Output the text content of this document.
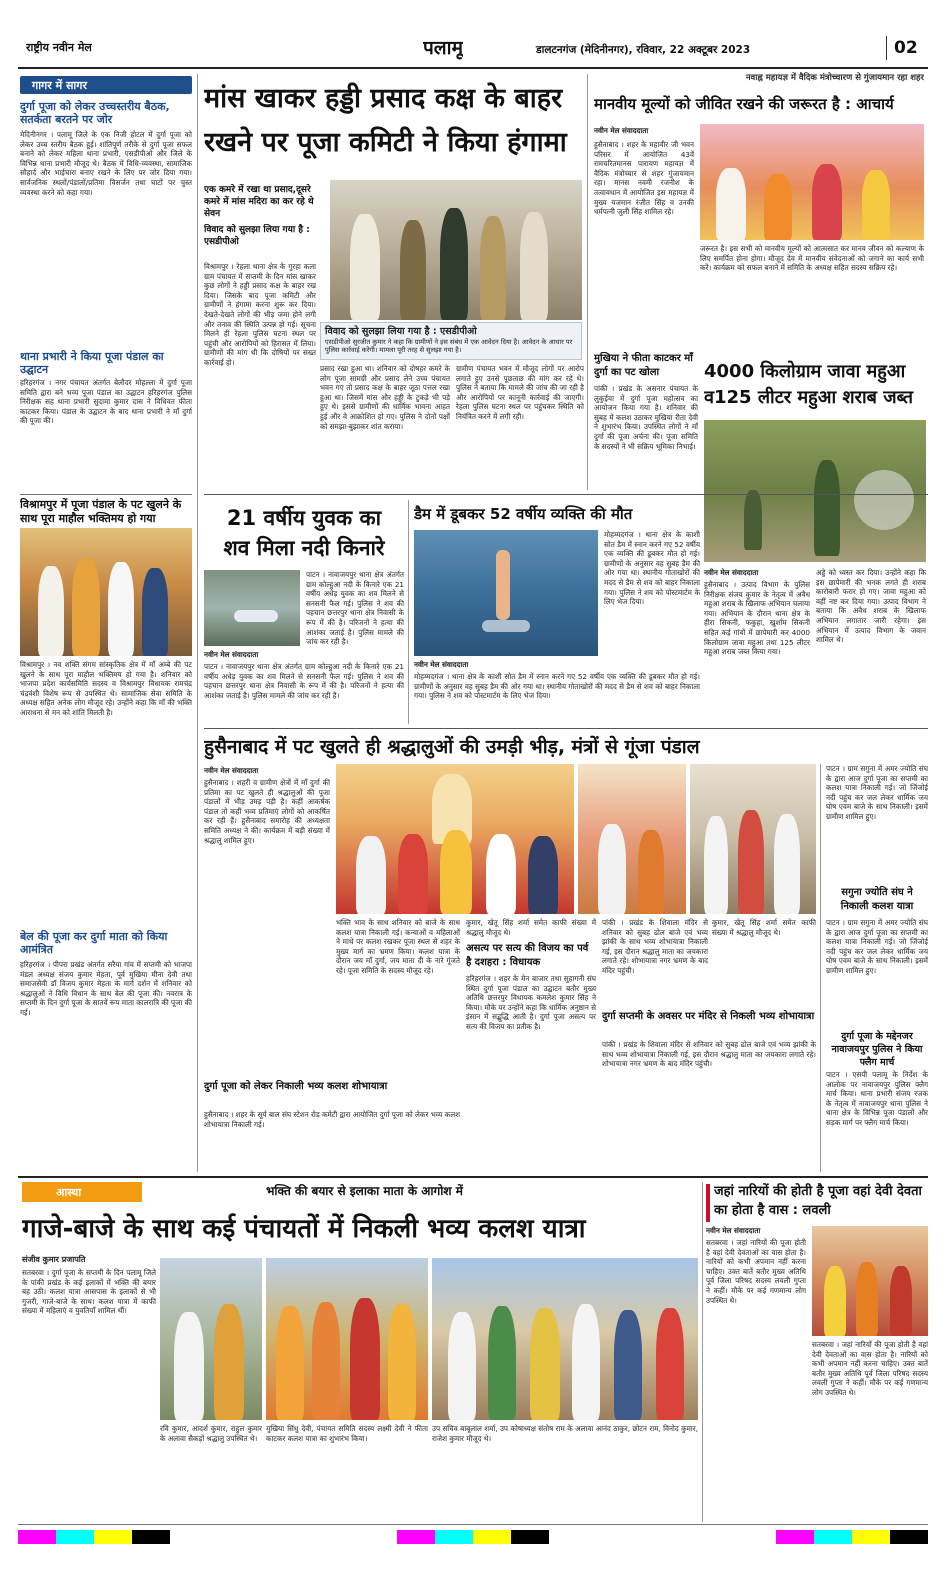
राष्ट्रीय नवीन मेल	पलामू	डालटनगंज (मेदिनीनगर), रविवार, 22 अक्टूबर 2023	02
गागर में सागर
दुर्गा पूजा को लेकर उच्चस्तरीय बैठक, सतर्कता बरतने पर जोर
मेदिनीनगर । पलामू जिले के एक निजी होटल में दुर्गा पूजा को लेकर उच्च स्तरीय बैठक हुई। शांतिपूर्ण तरीके से दुर्गा पूजा सफल बनाने को लेकर महिला थाना प्रभारी, एसडीपीओ और जिले के विभिन्न थाना प्रभारी मौजूद थे। बैठक में विधि-व्यवस्था, सामाजिक सौहार्द और भाईचारा बनाए रखने के लिए पर जोर दिया गया। सार्वजनिक स्थलों/पंडालों/प्रतिमा विसर्जन तथा घाटों पर चुस्त व्यवस्था करने को कहा गया।
थाना प्रभारी ने किया पूजा पंडाल का उद्घाटन
हरिहरगंज । नगर पंचायत अंतर्गत बेलौदर मोहल्ला में दुर्गा पूजा समिति द्वारा बने भव्य पूजा पंडाल का उद्घाटन हरिहरगंज पुलिस निरीक्षक सह थाना प्रभारी सुदामा कुमार दास ने विधिवत फीता काटकर किया। पंडाल के उद्घाटन के बाद थाना प्रभारी ने माँ दुर्गा की पूजा की।
विश्रामपुर में पूजा पंडाल के पट खुलने के साथ पूरा माहौल भक्तिमय हो गया
विश्रामपुर । नव शक्ति संगम सांस्कृतिक क्षेत्र में माँ अम्बे की पट खुलने के साथ पूरा माहौल भक्तिमय हो गया है। शनिवार को भाजपा प्रदेश कार्यसमिति सदस्य व विश्रामपुर विधायक रामचंद्र चंद्रवंशी विशेष रूप से उपस्थित थे। सामाजिक सेवा समिति के अध्यक्ष सहित अनेक लोग मौजूद रहे। उन्होंने कहा कि माँ की भक्ति आराधना से मन को शांति मिलती है।
बेल की पूजा कर दुर्गा माता को किया आमंत्रित
हरिहरगंज । पीपरा प्रखंड अंतर्गत सरैया गांव में सप्तमी को भाजपा मंडल अध्यक्ष संजय कुमार मेहता, पूर्व मुखिया मीना देवी तथा समाजसेवी डॉ विजय कुमार मेहता के मार्ग दर्शन में शनिवार को श्रद्धालुओं ने विधि विधान के साथ बेल की पूजा की। नवरात्र के सप्तमी के दिन दुर्गा पूजा के सातवें रूप माता कालरात्रि की पूजा की गई।
मांस खाकर हड्डी प्रसाद कक्ष के बाहर
रखने पर पूजा कमिटी ने किया हंगामा
एक कमरे में रखा था प्रसाद,दूसरे कमरे में मांस मदिरा का कर रहे थे सेवन
विवाद को सुलझा लिया गया है : एसडीपीओ
विवाद को सुलझा लिया गया है : एसडीपीओ
एसडीपीओ सुरजीत कुमार ने कहा कि ग्रामीणों ने इस संबंध में एक आवेदन दिया है। आवेदन के आधार पर पुलिस कार्रवाई करेगी। मामला पूरी तरह से सुलझा गया है।
विश्रामपुर । रेहला थाना क्षेत्र के गुरहा कला ग्राम पंचायत में सप्तमी के दिन मांस खाकर कुछ लोगों ने हड्डी प्रसाद कक्ष के बाहर रख दिया। जिसके बाद पूजा कमिटी और ग्रामीणों ने हंगामा करना शुरू कर दिया। देखते-देखते लोगों की भीड़ जमा होने लगी और तनाव की स्थिति उत्पन्न हो गई। सूचना मिलने ही रेहला पुलिस घटना स्थल पर पहुंची और आरोपियों को हिरासत में लिया। ग्रामीणों की मांग थी कि दोषियों पर सख्त कार्रवाई हो।
प्रसाद रखा हुआ था। शनिवार को दोषहर कमरे के लोग पूजा सामग्री और प्रसाद लेने उच्च पंचायत भवन गए तो प्रसाद कक्ष के बाहर जूठा पत्तल रखा हुआ था। जिसमें मांस और हड्डी के टुकड़े भी पड़े हुए थे। इससे ग्रामीणों की धार्मिक भावना आहत हुई और वे आक्रोशित हो गए। पुलिस ने दोनों पक्षों को समझा-बुझाकर शांत कराया।
ग्रामीण पंचायत भवन में मौजूद लोगों पर आरोप लगाते हुए उनसे पूछताछ की मांग कर रहे थे। पुलिस ने बताया कि मामले की जांच की जा रही है और आरोपियों पर कानूनी कार्रवाई की जाएगी। रेहला पुलिस घटना स्थल पर पहुंचकर स्थिति को नियंत्रित करने में लगी रही।
नवाह्न महायज्ञ में वैदिक मंत्रोच्चारण से गुंजायमान रहा शहर
मानवीय मूल्यों को जीवित रखने की जरूरत है : आचार्य
नवीन मेल संवाददाता
हुसैनाबाद । शहर के महावीर जी भवन परिसर में आयोजित 43वें रामचरितमानस पारायण महायज्ञ में वैदिक मंत्रोच्चार से शहर गुंजायमान रहा। मानस नवमी रजनीश के तत्वावधान में आयोजित इस महायज्ञ में मुख्य यजमान रंजीत सिंह व उनकी धर्मपत्नी जुली सिंह शामिल रहे।
जरूरत है। इस सभी को मानवीय मूल्यों को आत्मसात कर मानव जीवन को कल्याण के लिए समर्पित होना होगा। मौजूद देव में मानवीय संवेदनाओं को जगाने का कार्य सभी करें। कार्यक्रम को सफल बनाने में समिति के अध्यक्ष सहित सदस्य सक्रिय रहे।
मुखिया ने फीता काटकर माँ दुर्गा का पट खोला
पांकी । प्रखंड के असनार पंचायत के लुकुईया में दुर्गा पूजा महोत्सव का आयोजन किया गया है। शनिवार की सुबह में कलश उठाकर मुखिया रीता देवी ने शुभारंभ किया। उपस्थित लोगों ने माँ दुर्गा की पूजा अर्चना की। पूजा समिति के सदस्यों ने भी सक्रिय भूमिका निभाई।
4000 किलोग्राम जावा महुआ
व125 लीटर महुआ शराब जब्त
नवीन मेल संवाददाता
हुसैनाबाद । उत्पाद विभाग के पुलिस निरीक्षक संजय कुमार के नेतृत्व में अवैध महुआ शराब के खिलाफ अभियान चलाया गया। अभियान के दौरान थाना क्षेत्र के हीरा सिकनी, फकुहा, खुर्शाम सिकनी सहित कई गांवों में छापेमारी कर 4000 किलोग्राम जावा महुआ तथा 125 लीटर महुआ शराब जब्त किया गया।
अड्डे को ध्वस्त कर दिया। उन्होंने कहा कि इस छापेमारी की भनक लगते ही शराब कारोबारी फरार हो गए। जावा महुआ को वहीं नष्ट कर दिया गया। उत्पाद विभाग ने बताया कि अवैध शराब के खिलाफ अभियान लगातार जारी रहेगा। इस अभियान में उत्पाद विभाग के जवान शामिल थे।
21 वर्षीय युवक का
शव मिला नदी किनारे
नवीन मेल संवाददाता
पाटन । नावाजयपुर थाना क्षेत्र अंतर्गत ग्राम कोल्हुआ नदी के किनारे एक 21 वर्षीय अधेड़ युवक का शव मिलने से सनसनी फैल गई। पुलिस ने शव की पहचान छत्तरपुर थाना क्षेत्र निवासी के रूप में की है। परिजनों ने हत्या की आशंका जताई है। पुलिस मामले की जांच कर रही है।
पाटन । नावाजयपुर थाना क्षेत्र अंतर्गत ग्राम कोल्हुआ नदी के किनारे एक 21 वर्षीय अधेड़ युवक का शव मिलने से सनसनी फैल गई। पुलिस ने शव की पहचान छत्तरपुर थाना क्षेत्र निवासी के रूप में की है। परिजनों ने हत्या की आशंका जताई है। पुलिस मामले की जांच कर रही है।
डैम में डूबकर 52 वर्षीय व्यक्ति की मौत
मोहम्मदगंज । थाना क्षेत्र के काशी सोत डैम में स्नान करने गए 52 वर्षीय एक व्यक्ति की डूबकर मौत हो गई। ग्रामीणों के अनुसार वह सुबह डैम की ओर गया था। स्थानीय गोताखोरों की मदद से डैम से शव को बाहर निकाला गया। पुलिस ने शव को पोस्टमार्टम के लिए भेज दिया।
नवीन मेल संवाददाता
मोहम्मदगंज । थाना क्षेत्र के काशी सोत डैम में स्नान करने गए 52 वर्षीय एक व्यक्ति की डूबकर मौत हो गई। ग्रामीणों के अनुसार वह सुबह डैम की ओर गया था। स्थानीय गोताखोरों की मदद से डैम से शव को बाहर निकाला गया। पुलिस ने शव को पोस्टमार्टम के लिए भेज दिया।
हुसैनाबाद में पट खुलते ही श्रद्धालुओं की उमड़ी भीड़, मंत्रों से गूंजा पंडाल
नवीन मेल संवाददाता
हुसैनाबाद । शहरी व ग्रामीण क्षेत्रों में माँ दुर्गा की प्रतिमा का पट खुलते ही श्रद्धालुओं की पूजा पंडालों में भीड़ उमड़ पड़ी है। कहीं आकर्षक पंडाल तो कहीं भव्य प्रतिमाएं लोगों को आकर्षित कर रही हैं। हुसैनाबाद समारोह की अध्यक्षता समिति अध्यक्ष ने की। कार्यक्रम में बड़ी संख्या में श्रद्धालु शामिल हुए।
भक्ति भाव के साथ शनिवार को बाजे के साथ कलश यात्रा निकाली गई। कन्याओं व महिलाओं ने माथे पर कलश रखकर पूजा स्थल से शहर के मुख्य मार्ग का भ्रमण किया। कलश यात्रा के दौरान जय माँ दुर्गा, जय माता दी के नारे गूंजते रहे। पूजा समिति के सदस्य मौजूद रहे।
कुमार, खेतू सिंह शर्मा समेत काफी संख्या में श्रद्धालु मौजूद थे।
असत्य पर सत्य की विजय का पर्व है दशहरा : विधायक
हरिहरगंज । शहर के मेन बाजार तथा सुहागनी संघ स्थित दुर्गा पूजा पंडाल का उद्घाटन बतौर मुख्य अतिथि छत्तरपुर विधायक कमलेश कुमार सिंह ने किया। मौके पर उन्होंने कहा कि धार्मिक अनुष्ठान से इंसान में सद्बुद्धि आती है। दुर्गा पूजा असत्य पर सत्य की विजय का प्रतीक है।
पांकी । प्रखंड के शिवाला मंदिर से शनिवार को सुबह ढोल बाजे एवं भव्य झांकी के साथ भव्य शोभायात्रा निकाली गई, इस दौरान श्रद्धालु माता का जयकारा लगाते रहे। शोभायात्रा नगर भ्रमण के बाद मंदिर पहुंची।
दुर्गा सप्तमी के अवसर पर मंदिर से निकली भव्य शोभायात्रा
पांकी । प्रखंड के शिवाला मंदिर से शनिवार को सुबह ढोल बाजे एवं भव्य झांकी के साथ भव्य शोभायात्रा निकाली गई, इस दौरान श्रद्धालु माता का जयकारा लगाते रहे। शोभायात्रा नगर भ्रमण के बाद मंदिर पहुंची।
कुमार, खेतू सिंह शर्मा समेत काफी संख्या में श्रद्धालु मौजूद थे।
दुर्गा पूजा को लेकर निकाली भव्य कलश शोभायात्रा
हुसैनाबाद । शहर के सूर्य बाल संघ स्टेशन रोड कमेटी द्वारा आयोजित दुर्गा पूजा को लेकर भव्य कलश शोभायात्रा निकाली गई।
पाटन । ग्राम सगुना में अमर ज्योति संघ के द्वारा आज दुर्गा पूजा का सप्तमी का कलश यात्रा निकाली गई। जो जिंजोई नदी पहुंच कर जल लेकर धार्मिक जय घोष एवम बाजे के साथ निकाली। इसमें ग्रामीण शामिल हुए।
सगुना ज्योति संघ ने निकाली कलश यात्रा
पाटन । ग्राम सगुना में अमर ज्योति संघ के द्वारा आज दुर्गा पूजा का सप्तमी का कलश यात्रा निकाली गई। जो जिंजोई नदी पहुंच कर जल लेकर धार्मिक जय घोष एवम बाजे के साथ निकाली। इसमें ग्रामीण शामिल हुए।
दुर्गा पूजा के मद्देनजर नावाजयपुर पुलिस ने किया फ्लैग मार्च
पाटन । एसपी पलामू के निर्देश के आलोक पर नावाजयपुर पुलिस फ्लैग मार्च किया। थाना प्रभारी संजय रजक के नेतृत्व में नावाजयपुर थाना पुलिस ने थाना क्षेत्र के विभिन्न पूजा पंडालों और सड़क मार्ग पर फ्लैग मार्च किया।
आस्था	भक्ति की बयार से इलाका माता के आगोश में
गाजे-बाजे के साथ कई पंचायतों में निकली भव्य कलश यात्रा
संजीव कुमार प्रजापति
सतबरवा । दुर्गा पूजा के सप्तमी के दिन पलामू जिले के पांकी प्रखंड के कई इलाकों में भक्ति की बयार बह उठी। कलश यात्रा आसपास के इलाकों से भी गुजरी, गाजे-बाजे के साथ। कलश यात्रा में काफी संख्या में महिलाएं व युवतियाँ शामिल थीं।
रवि कुमार, आदर्श कुमार, राहुल कुमार के अलावा सैकड़ों श्रद्धालु उपस्थित थे।
मुखिया सिंधु देवी, पंचायत समिति सदस्य लक्ष्मी देवी ने फीता काटकर कलश यात्रा का शुभारंभ किया।
उप सचिव बाबूलाल शर्मा, उप कोषाध्यक्ष संतोष राम के अलावा आनंद ठाकुर, छोटन राम, विनोद कुमार, राजेश कुमार मौजूद थे।
जहां नारियों की होती है पूजा वहां देवी देवता का होता है वास : लवली
नवीन मेल संवाददाता
सतबरवा । जहां नारियों की पूजा होती है वहां देवी देवताओं का वास होता है। नारियों को कभी अपमान नहीं करना चाहिए। उक्त बातें बतौर मुख्य अतिथि पूर्व जिला परिषद सदस्य लवली गुप्ता ने कहीं। मौके पर कई गणमान्य लोग उपस्थित थे।
सतबरवा । जहां नारियों की पूजा होती है वहां देवी देवताओं का वास होता है। नारियों को कभी अपमान नहीं करना चाहिए। उक्त बातें बतौर मुख्य अतिथि पूर्व जिला परिषद सदस्य लवली गुप्ता ने कहीं। मौके पर कई गणमान्य लोग उपस्थित थे।
